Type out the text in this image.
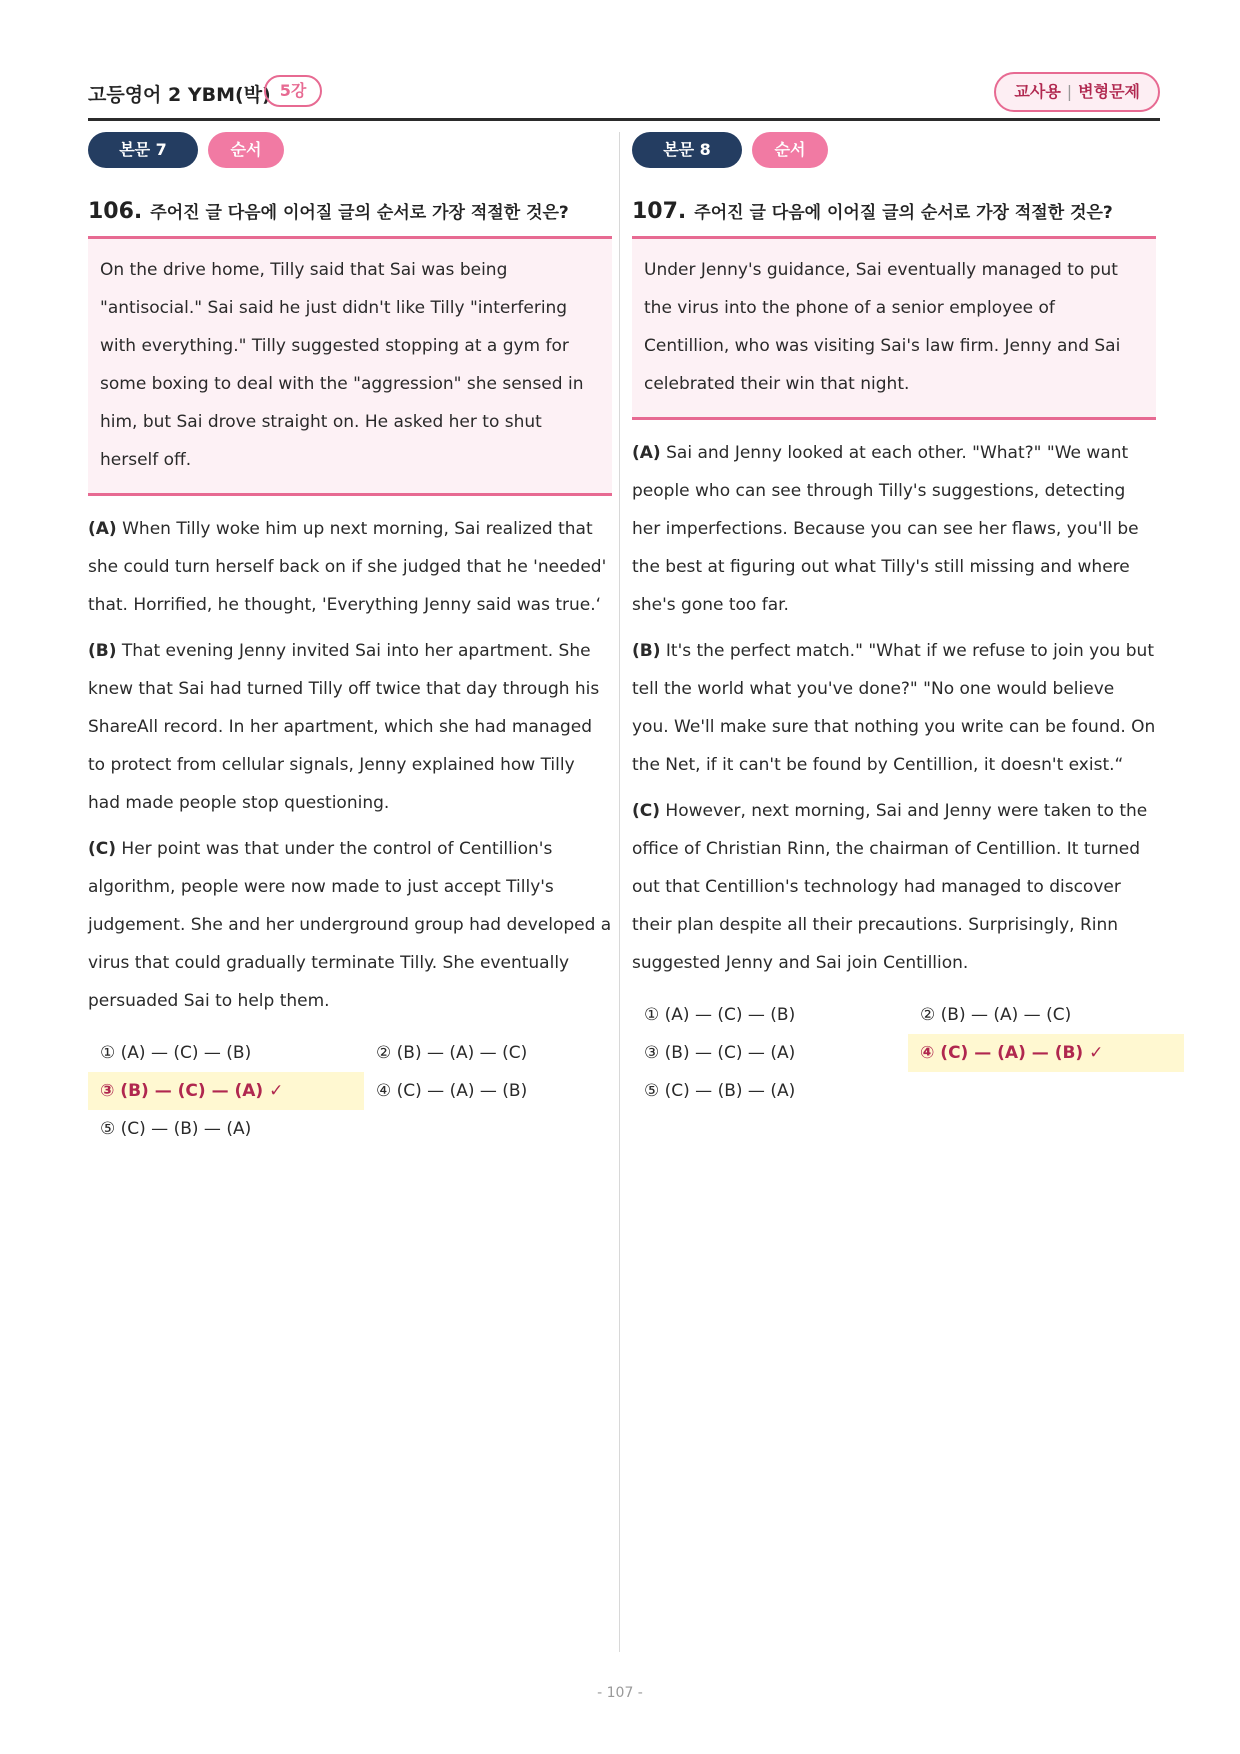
고등영어 2 YBM(박) 5강	교사용 | 변형문제
본문 7	순서
106. 주어진 글 다음에 이어질 글의 순서로 가장 적절한 것은?
On the drive home, Tilly said that Sai was being "antisocial." Sai said he just didn't like Tilly "interfering with everything." Tilly suggested stopping at a gym for some boxing to deal with the "aggression" she sensed in him, but Sai drove straight on. He asked her to shut herself off.

(A) When Tilly woke him up next morning, Sai realized that she could turn herself back on if she judged that he 'needed' that. Horrified, he thought, 'Everything Jenny said was true.‘

(B) That evening Jenny invited Sai into her apartment. She knew that Sai had turned Tilly off twice that day through his ShareAll record. In her apartment, which she had managed to protect from cellular signals, Jenny explained how Tilly had made people stop questioning.

(C) Her point was that under the control of Centillion's algorithm, people were now made to just accept Tilly's judgement. She and her underground group had developed a virus that could gradually terminate Tilly. She eventually persuaded Sai to help them.

① (A) — (C) — (B)	② (B) — (A) — (C)
③ (B) — (C) — (A) ✓	④ (C) — (A) — (B)
⑤ (C) — (B) — (A)
본문 8	순서
107. 주어진 글 다음에 이어질 글의 순서로 가장 적절한 것은?
Under Jenny's guidance, Sai eventually managed to put the virus into the phone of a senior employee of Centillion, who was visiting Sai's law firm. Jenny and Sai celebrated their win that night.

(A) Sai and Jenny looked at each other. "What?" "We want people who can see through Tilly's suggestions, detecting her imperfections. Because you can see her flaws, you'll be the best at figuring out what Tilly's still missing and where she's gone too far.

(B) It's the perfect match." "What if we refuse to join you but tell the world what you've done?" "No one would believe you. We'll make sure that nothing you write can be found. On the Net, if it can't be found by Centillion, it doesn't exist.“

(C) However, next morning, Sai and Jenny were taken to the office of Christian Rinn, the chairman of Centillion. It turned out that Centillion's technology had managed to discover their plan despite all their precautions. Surprisingly, Rinn suggested Jenny and Sai join Centillion.

① (A) — (C) — (B)	② (B) — (A) — (C)
③ (B) — (C) — (A)	④ (C) — (A) — (B) ✓
⑤ (C) — (B) — (A)
- 107 -
